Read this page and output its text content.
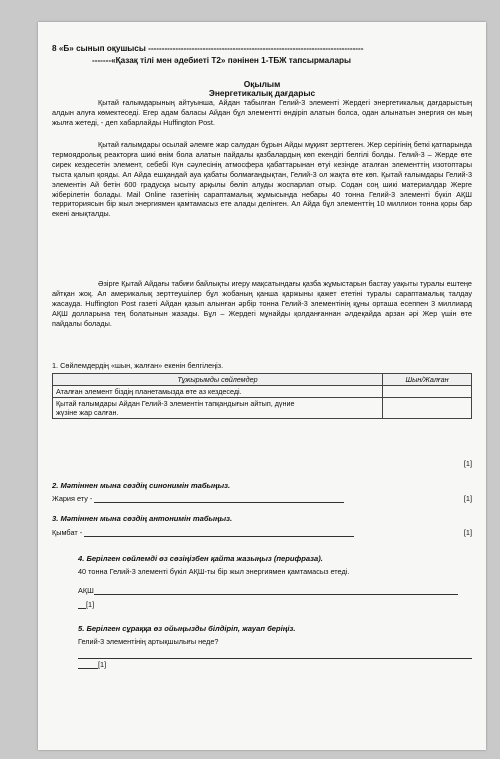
8 «Б» сынып оқушысы -------------------------------------------------------------------------------
-------«Қазақ тілі мен әдебиеті Т2» пәнінен 1-ТБЖ тапсырмалары
Оқылым
Энергетикалық дағдарыс

Қытай ғалымдарының айтуынша, Айдан табылған Гелий-3 элементі Жердегі энергетикалық дағдарыстың алдын алуға көмектеседі. Егер адам баласы Айдан бұл элементті өндіріп алатын болса, одан алынатын энергия он мың жылға жетеді, - деп хабарлайды Huffington Post.

Қытай ғалымдары осылай әлемге жар салудан бұрын Айды мұқият зерттеген. Жер серігінің беткі қатпарында термоядролық реакторға шикі өнім бола алатын пайдалы қазбалардың көп екендігі белгілі болды. Гелий-3 – Жерде өте сирек кездесетін элемент, себебі Күн сәулесінің атмосфера қабаттарынан өтуі кезінде аталған элементтің изотоптары тыста қалып қояды. Ал Айда ешқандай ауа қабаты болмағандықтан, Гелий-3 ол жақта өте көп. Қытай ғалымдары Гелий-3 элементін Ай бетін 600 градусқа ысыту арқылы бөліп алуды жоспарлап отыр. Содан соң шикі материалдар Жерге жіберілетін болады. Mail Online газетінің сараптамалық жұмысында небары 40 тонна Гелий-3 элементі бүкіл АҚШ территориясын бір жыл энергиямен қамтамасыз ете алады делінген. Ал Айда бұл элементтің 10 миллион тонна қоры бар екені анықталды.

Әзірге Қытай Айдағы табиғи байлықты игеру мақсатындағы қазба жұмыстарын бастау уақыты туралы ештеңе айтқан жоқ. Ал америкалық зерттеушілер бұл жобаның қанша қаржыны қажет ететіні туралы сараптамалық талдау жасауда. Huffington Post газеті Айдан қазып алынған әрбір тонна Гелий-3 элементінің құны орташа есеппен 3 миллиард АҚШ долларына тең болатынын жазады. Бұл – Жердегі мұнайды қолданғаннан әлдеқайда арзан әрі Жер үшін өте пайдалы болады.

1. Сөйлемдердің «шын, жалған» екенін белгілеңіз.
Тұжырымды сөйлемдер	Шын/Жалған
Аталған элемент біздің планетамызда өте аз кездеседі.	
Қытай ғалымдары Айдан Гелий-3 элементін тапқандығын айтып, дүние
жүзіне жар салған.	
[1]
2. Мәтіннен мына сөздің синонимін табыңыз.
Жария ету -	[1]
3. Мәтіннен мына сөздің антонимін табыңыз.
Қымбат -	[1]
4. Берілген сөйлемді өз сөзіңізбен қайта жазыңыз (перифраза).
40 тонна Гелий-3 элементі бүкіл АҚШ-ты бір жыл энергиямен қамтамасыз етеді.
АҚШ
[1]
5. Берілген сұраққа өз ойыңызды білдіріп, жауап беріңіз.
Гелий-3 элементінің артықшылығы неде?
[1]
